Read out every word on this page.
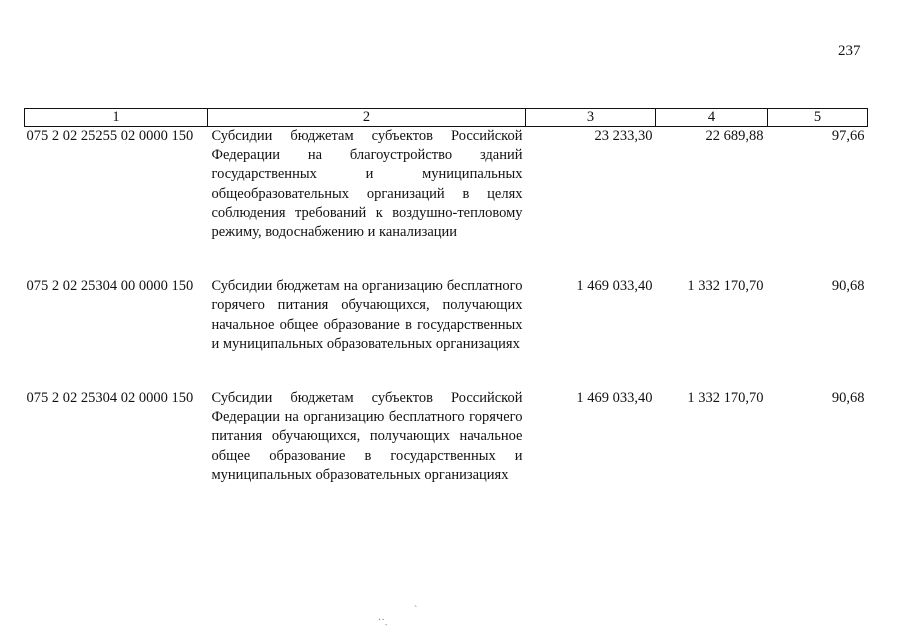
237
1	2	3	4	5
075 2 02 25255 02 0000 150	Субсидии бюджетам субъектов Российской Федерации на благоустройство зданий государственных и муниципальных общеобразовательных организаций в целях соблюдения требований к воздушно-тепловому режиму, водоснабжению и канализации	23 233,30	22 689,88	97,66
075 2 02 25304 00 0000 150	Субсидии бюджетам на организацию бесплатного горячего питания обучающихся, получающих начальное общее образование в государственных и муниципальных образовательных организациях	1 469 033,40	1 332 170,70	90,68
075 2 02 25304 02 0000 150	Субсидии бюджетам субъектов Российской Федерации на организацию бесплатного горячего питания обучающихся, получающих начальное общее образование в государственных и муниципальных образовательных организациях	1 469 033,40	1 332 170,70	90,68
ˋ
··ˎ
